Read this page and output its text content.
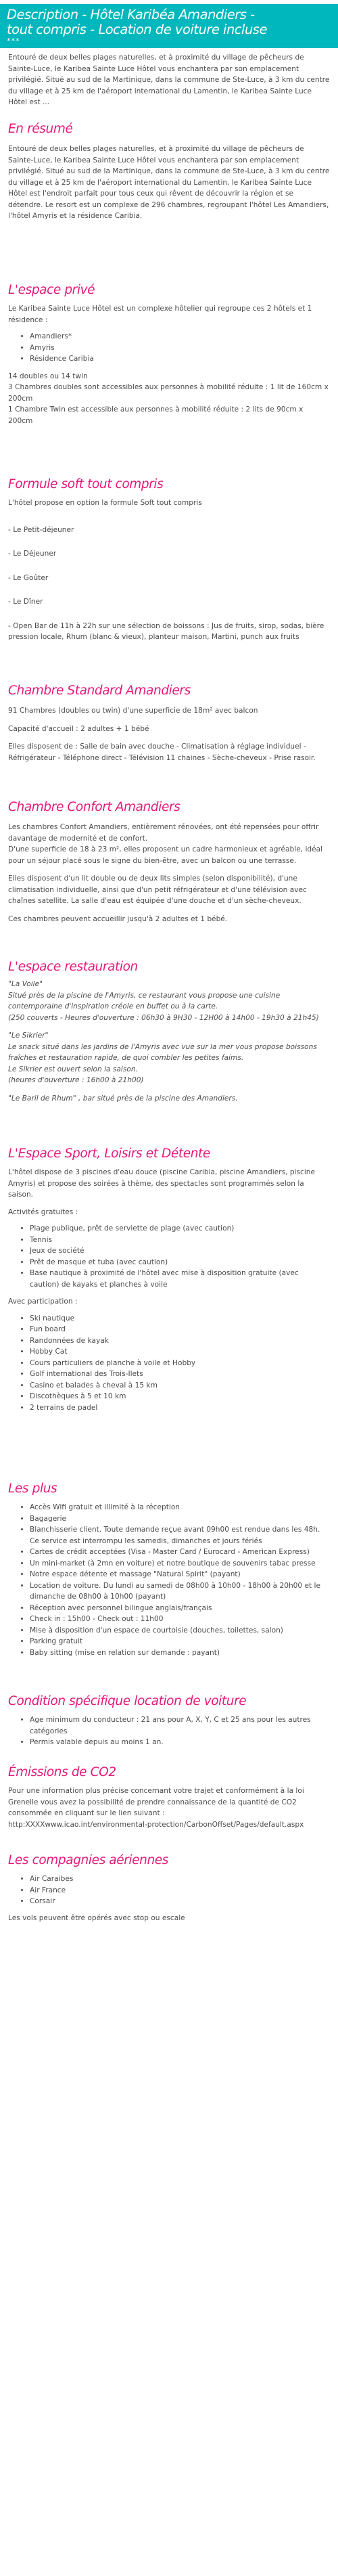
Description - Hôtel Karibéa Amandiers -
tout compris - Location de voiture incluse
***

Entouré de deux belles plages naturelles, et à proximité du village de pêcheurs de Sainte-Luce, le Karibea Sainte Luce Hôtel vous enchantera par son emplacement privilégié. Situé au sud de la Martinique, dans la commune de Ste-Luce, à 3 km du centre du village et à 25 km de l'aéroport international du Lamentin, le Karibea Sainte Luce Hôtel est ...

En résumé

Entouré de deux belles plages naturelles, et à proximité du village de pêcheurs de Sainte-Luce, le Karibea Sainte Luce Hôtel vous enchantera par son emplacement privilégié. Situé au sud de la Martinique, dans la commune de Ste-Luce, à 3 km du centre du village et à 25 km de l'aéroport international du Lamentin, le Karibea Sainte Luce Hôtel est l'endroit parfait pour tous ceux qui rêvent de découvrir la région et se détendre. Le resort est un complexe de 296 chambres, regroupant l'hôtel Les Amandiers, l'hôtel Amyris et la résidence Caribia.

L'espace privé

Le Karibea Sainte Luce Hôtel est un complexe hôtelier qui regroupe ces 2 hôtels et 1 résidence :

• Amandiers*
• Amyris
• Résidence Caribia

14 doubles ou 14 twin

3 Chambres doubles sont accessibles aux personnes à mobilité réduite : 1 lit de 160cm x 200cm

1 Chambre Twin est accessible aux personnes à mobilité réduite : 2 lits de 90cm x 200cm

Formule soft tout compris

L'hôtel propose en option la formule Soft tout compris

- Le Petit-déjeuner

- Le Déjeuner

- Le Goûter

- Le Dîner

- Open Bar de 11h à 22h sur une sélection de boissons : Jus de fruits, sirop, sodas, bière pression locale, Rhum (blanc & vieux), planteur maison, Martini, punch aux fruits

Chambre Standard Amandiers

91 Chambres (doubles ou twin) d'une superficie de 18m² avec balcon

Capacité d'accueil : 2 adultes + 1 bébé

Elles disposent de : Salle de bain avec douche - Climatisation à réglage individuel - Réfrigérateur - Téléphone direct - Télévision 11 chaines - Sèche-cheveux - Prise rasoir.

Chambre Confort Amandiers

Les chambres Confort Amandiers, entièrement rénovées, ont été repensées pour offrir davantage de modernité et de confort.

D'une superficie de 18 à 23 m², elles proposent un cadre harmonieux et agréable, idéal pour un séjour placé sous le signe du bien-être, avec un balcon ou une terrasse.

Elles disposent d'un lit double ou de deux lits simples (selon disponibilité), d'une climatisation individuelle, ainsi que d'un petit réfrigérateur et d'une télévision avec chaînes satellite. La salle d'eau est équipée d'une douche et d'un sèche-cheveux.

Ces chambres peuvent accueillir jusqu'à 2 adultes et 1 bébé.

L'espace restauration

"La Voile"

Situé près de la piscine de l'Amyris, ce restaurant vous propose une cuisine contemporaine d'inspiration créole en buffet ou à la carte.

(250 couverts - Heures d'ouverture : 06h30 à 9H30 - 12H00 à 14h00 - 19h30 à 21h45)

"Le Sikrier"

Le snack situé dans les jardins de l'Amyris avec vue sur la mer vous propose boissons fraîches et restauration rapide, de quoi combler les petites faims.

Le Sikrier est ouvert selon la saison.

(heures d'ouverture : 16h00 à 21h00)

"Le Baril de Rhum" , bar situé près de la piscine des Amandiers.

L'Espace Sport, Loisirs et Détente

L'hôtel dispose de 3 piscines d'eau douce (piscine Caribia, piscine Amandiers, piscine Amyris) et propose des soirées à thème, des spectacles sont programmés selon la saison.

Activités gratuites :

• Plage publique, prêt de serviette de plage (avec caution)
• Tennis
• Jeux de société
• Prêt de masque et tuba (avec caution)
• Base nautique à proximité de l'hôtel avec mise à disposition gratuite (avec caution) de kayaks et planches à voile

Avec participation :

• Ski nautique
• Fun board
• Randonnées de kayak
• Hobby Cat
• Cours particuliers de planche à voile et Hobby
• Golf international des Trois-Ilets
• Casino et balades à cheval à 15 km
• Discothèques à 5 et 10 km
• 2 terrains de padel
Les plus
• Accès Wifi gratuit et illimité à la réception
• Bagagerie
• Blanchisserie client. Toute demande reçue avant 09h00 est rendue dans les 48h. Ce service est interrompu les samedis, dimanches et jours fériés
• Cartes de crédit acceptées (Visa - Master Card / Eurocard - American Express)
• Un mini-market (à 2mn en voiture) et notre boutique de souvenirs tabac presse
• Notre espace détente et massage "Natural Spirit" (payant)
• Location de voiture. Du lundi au samedi de 08h00 à 10h00 - 18h00 à 20h00 et le dimanche de 08h00 à 10h00 (payant)
• Réception avec personnel bilingue anglais/français
• Check in : 15h00 - Check out : 11h00
• Mise à disposition d'un espace de courtoisie (douches, toilettes, salon)
• Parking gratuit
• Baby sitting (mise en relation sur demande : payant)
Condition spécifique location de voiture
• Age minimum du conducteur : 21 ans pour A, X, Y, C et 25 ans pour les autres catégories
• Permis valable depuis au moins 1 an.
Émissions de CO2

Pour une information plus précise concernant votre trajet et conformément à la loi Grenelle vous avez la possibilité de prendre connaissance de la quantité de CO2 consommée en cliquant sur le lien suivant :

http:XXXXwww.icao.int/environmental-protection/CarbonOffset/Pages/default.aspx

Les compagnies aériennes
• Air Caraibes
• Air France
• Corsair

Les vols peuvent être opérés avec stop ou escale
